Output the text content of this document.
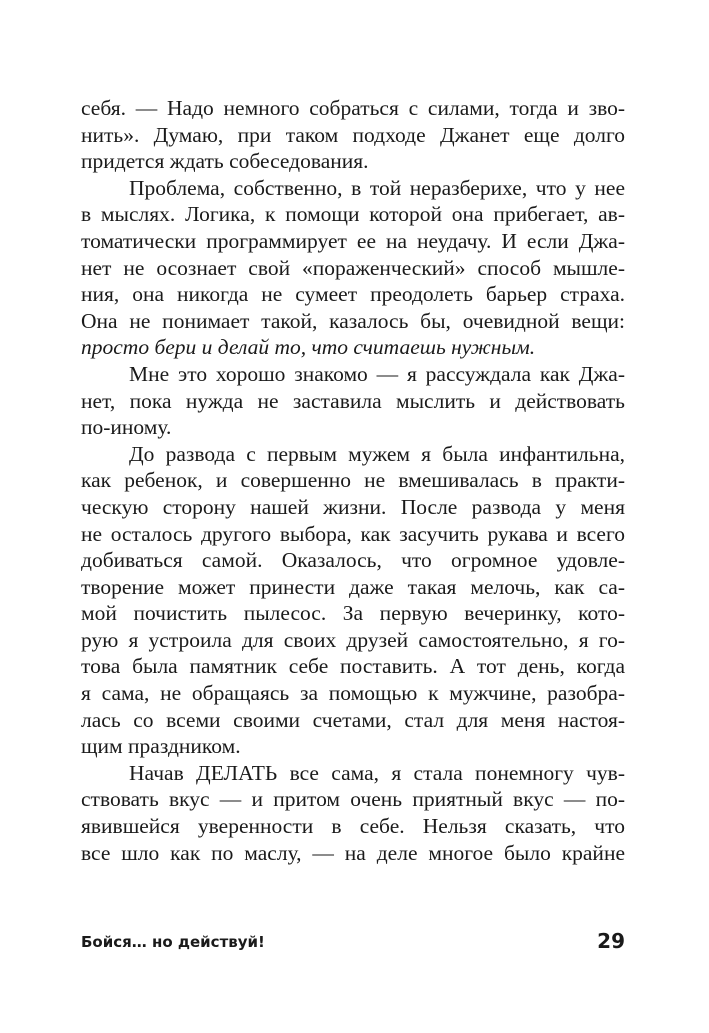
себя. — Надо немного собраться с силами, тогда и зво-
нить». Думаю, при таком подходе Джанет еще долго
придется ждать собеседования.
Проблема, собственно, в той неразберихе, что у нее
в мыслях. Логика, к помощи которой она прибегает, ав-
томатически программирует ее на неудачу. И если Джа-
нет не осознает свой «пораженческий» способ мышле-
ния, она никогда не сумеет преодолеть барьер страха.
Она не понимает такой, казалось бы, очевидной вещи:
просто бери и делай то, что считаешь нужным.
Мне это хорошо знакомо — я рассуждала как Джа-
нет, пока нужда не заставила мыслить и действовать
по-иному.
До развода с первым мужем я была инфантильна,
как ребенок, и совершенно не вмешивалась в практи-
ческую сторону нашей жизни. После развода у меня
не осталось другого выбора, как засучить рукава и всего
добиваться самой. Оказалось, что огромное удовле-
творение может принести даже такая мелочь, как са-
мой почистить пылесос. За первую вечеринку, кото-
рую я устроила для своих друзей самостоятельно, я го-
това была памятник себе поставить. А тот день, когда
я сама, не обращаясь за помощью к мужчине, разобра-
лась со всеми своими счетами, стал для меня настоя-
щим праздником.
Начав ДЕЛАТЬ все сама, я стала понемногу чув-
ствовать вкус — и притом очень приятный вкус — по-
явившейся уверенности в себе. Нельзя сказать, что
все шло как по маслу, — на деле многое было крайне
Бойся… но действуй!	29
